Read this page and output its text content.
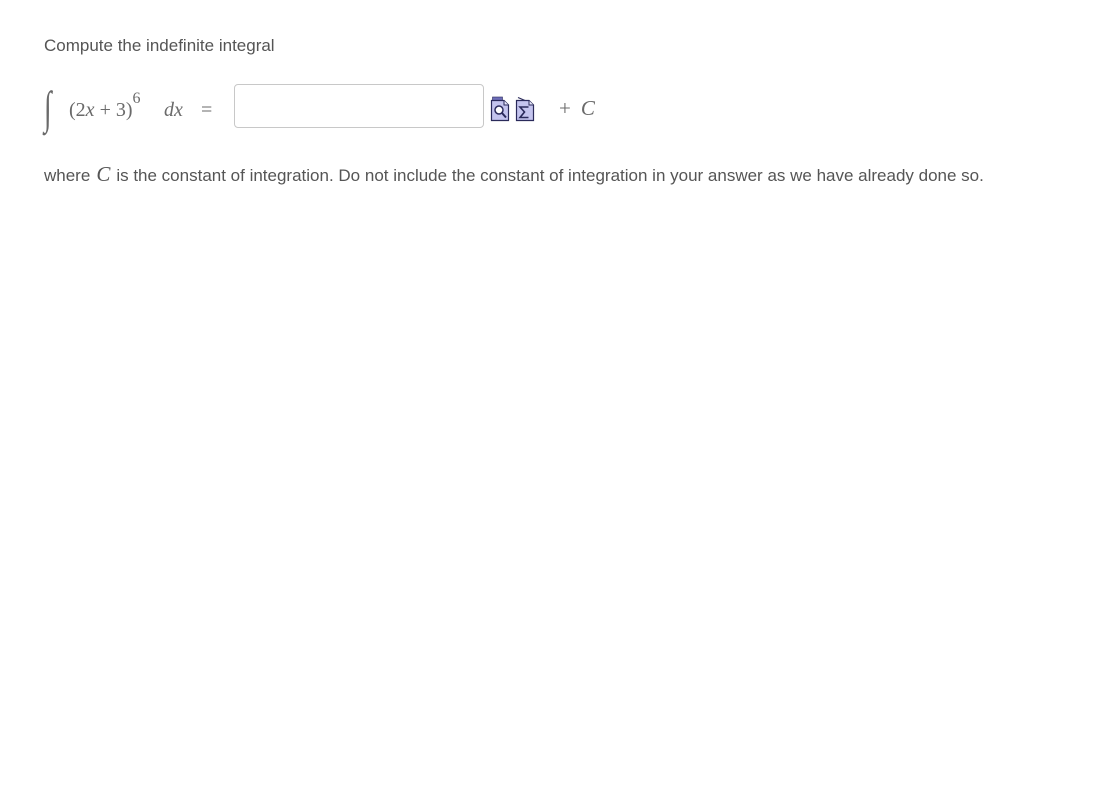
Compute the indefinite integral
∫ $(2x + 3)^6$
dx =	+ C
where C is the constant of integration. Do not include the constant of integration in your answer as we have already done so.
